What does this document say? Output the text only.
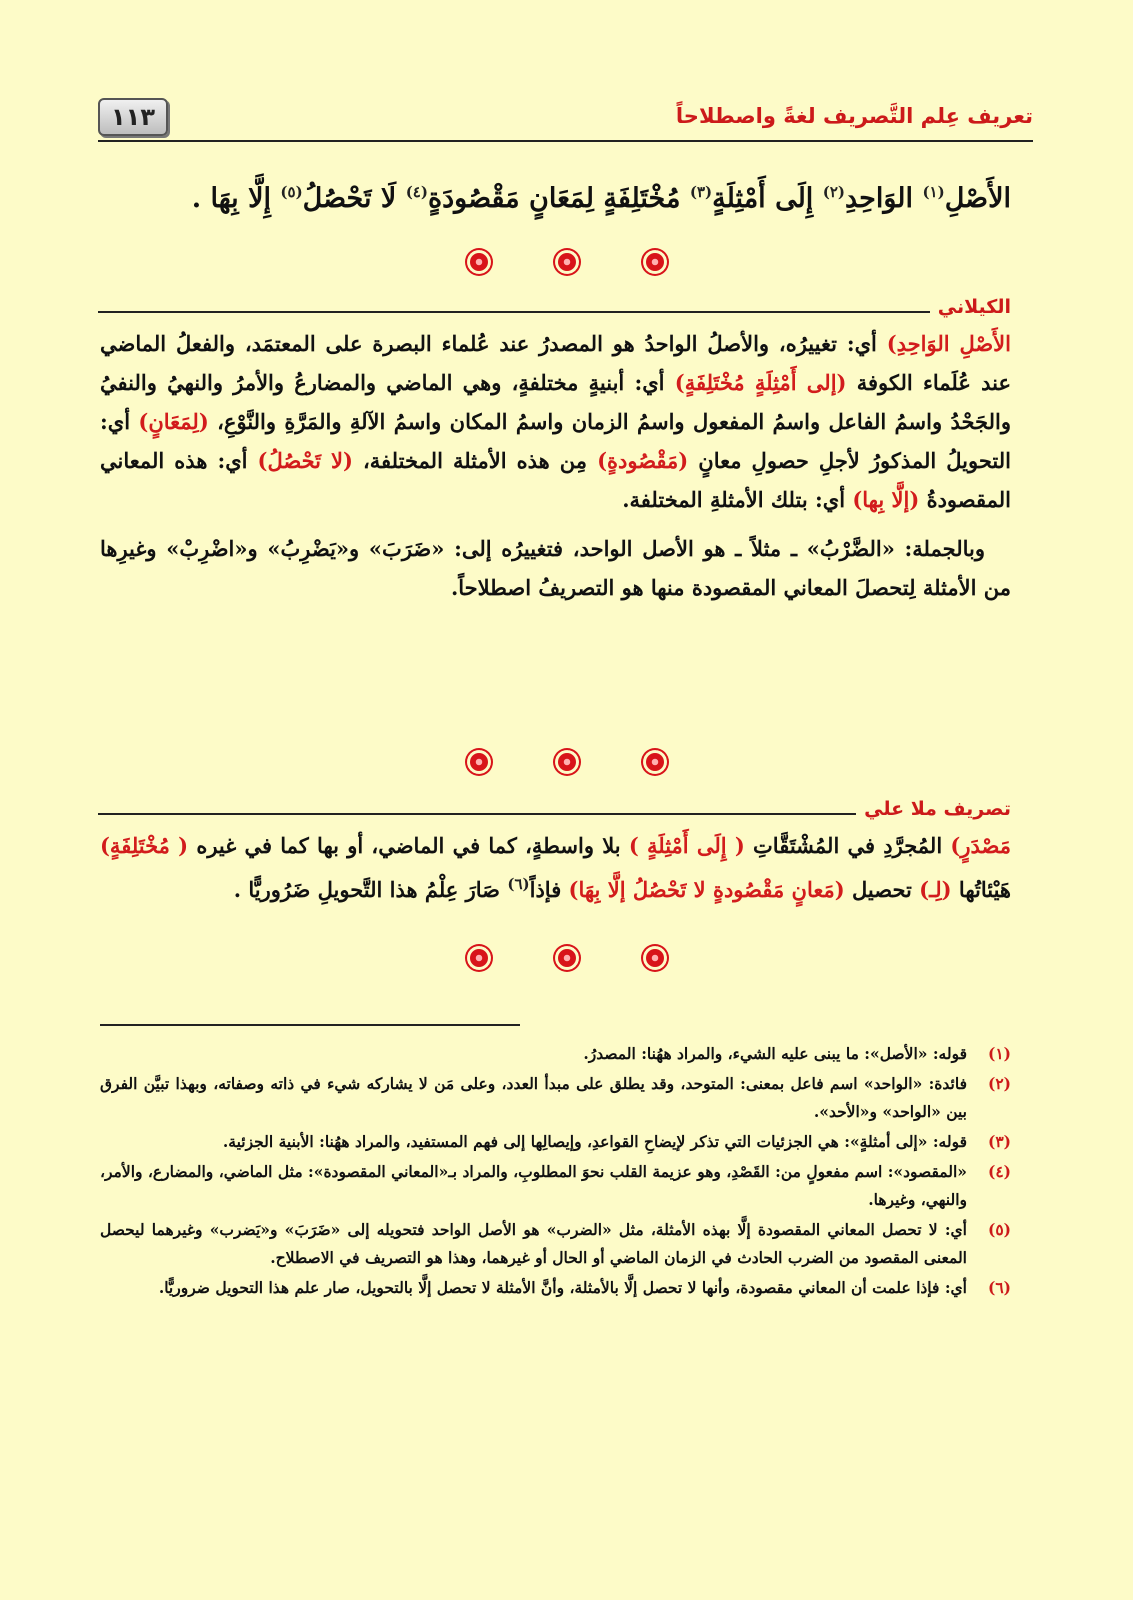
تعريف عِلم التَّصريف لغةً واصطلاحاً
١١٣
الأَصْلِ$^{(١)}$ الوَاحِدِ$^{(٢)}$ إِلَى أَمْثِلَةٍ$^{(٣)}$ مُخْتَلِفَةٍ لِمَعَانٍ مَقْصُودَةٍ$^{(٤)}$ لَا تَحْصُلُ$^{(٥)}$ إِلَّا بِهَا .
الكيلاني

الأَصْلِ الوَاحِدِ) أي: تغييرُه، والأصلُ الواحدُ هو المصدرُ عند عُلماء البصرة على المعتمَد، والفعلُ الماضي عند عُلَماء الكوفة (إلى أَمْثِلَةٍ مُخْتَلِفَةٍ) أي: أبنيةٍ مختلفةٍ، وهي الماضي والمضارعُ والأمرُ والنهيُ والنفيُ والجَحْدُ واسمُ الفاعل واسمُ المفعول واسمُ الزمان واسمُ المكان واسمُ الآلةِ والمَرَّةِ والنَّوْعِ، (لِمَعَانٍ) أي: التحويلُ المذكورُ لأجلِ حصولِ معانٍ (مَقْصُودةٍ) مِن هذه الأمثلة المختلفة، (لا تَحْصُلُ) أي: هذه المعاني المقصودةُ (إلَّا بِها) أي: بتلك الأمثلةِ المختلفة.

وبالجملة: «الضَّرْبُ» ـ مثلاً ـ هو الأصل الواحد، فتغييرُه إلى: «ضَرَبَ» و«يَضْرِبُ» و«اضْرِبْ» وغيرِها من الأمثلة لِتحصلَ المعاني المقصودة منها هو التصريفُ اصطلاحاً.

تصريف ملا علي

مَصْدَرٍ) المُجرَّدِ في المُشْتَقَّاتِ ( إِلَى أَمْثِلَةٍ ) بلا واسطةٍ، كما في الماضي، أو بها كما في غيره ( مُخْتَلِفَةٍ) هَيْئاتُها (لِـ) تحصيل (مَعانٍ مَقْصُودةٍ لا تَحْصُلُ إلَّا بِهَا) فإذاً$^{(٦)}$ صَارَ عِلْمُ هذا التَّحويلِ ضَرُوريًّا .

(١)
قوله: «الأصل»: ما يبنى عليه الشيء، والمراد ههُنا: المصدرُ.
(٢)
فائدة: «الواحد» اسم فاعل بمعنى: المتوحد، وقد يطلق على مبدأ العدد، وعلى مَن لا يشاركه شيء في ذاته وصفاته، وبهذا تبيَّن الفرق بين «الواحد» و«الأحد».
(٣)
قوله: «إلى أمثلةٍ»: هي الجزئيات التي تذكر لإيضاحِ القواعدِ، وإيصالِها إلى فهم المستفيد، والمراد ههُنا: الأبنية الجزئية.
(٤)
«المقصود»: اسم مفعولٍ من: القَصْدِ، وهو عزيمة القلب نحوَ المطلوبِ، والمراد بـ«المعاني المقصودة»: مثل الماضي، والمضارع، والأمر، والنهي، وغيرها.
(٥)
أي: لا تحصل المعاني المقصودة إلَّا بهذه الأمثلة، مثل «الضرب» هو الأصل الواحد فتحويله إلى «ضَرَبَ» و«يَضرب» وغيرهما ليحصل المعنى المقصود من الضرب الحادث في الزمان الماضي أو الحال أو غيرهما، وهذا هو التصريف في الاصطلاح.
(٦)
أي: فإذا علمت أن المعاني مقصودة، وأنها لا تحصل إلَّا بالأمثلة، وأنَّ الأمثلة لا تحصل إلَّا بالتحويل، صار علم هذا التحويل ضروريًّا.
